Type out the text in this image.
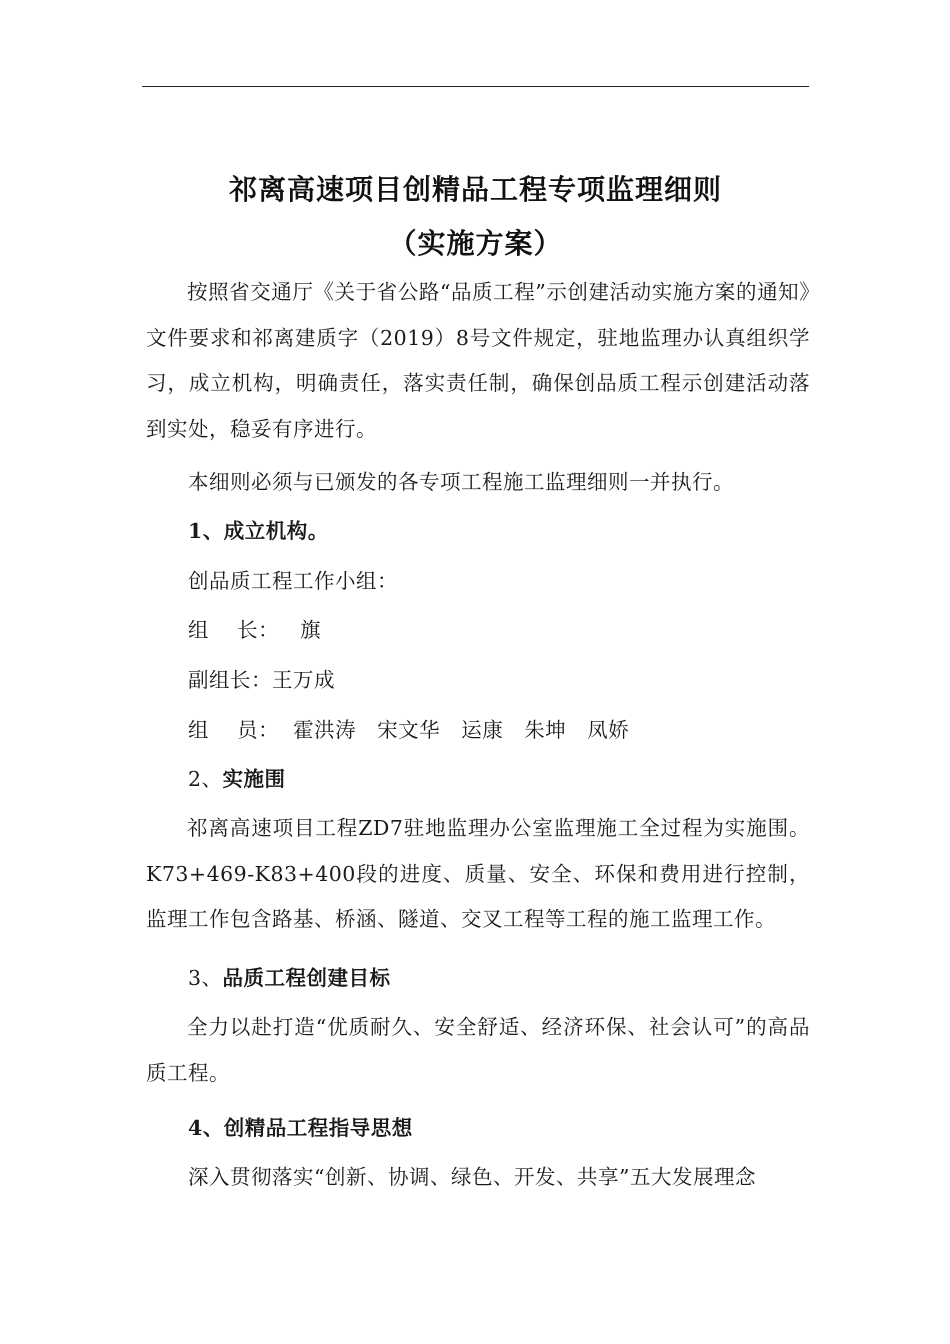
祁离高速项目创精品工程专项监理细则
（实施方案）
按照省交通厅《关于省公路“品质工程”示创建活动实施方案的通知》文件要求和祁离建质字（2019）8号文件规定，驻地监理办认真组织学习，成立机构，明确责任，落实责任制，确保创品质工程示创建活动落到实处，稳妥有序进行。
本细则必须与已颁发的各专项工程施工监理细则一并执行。
1、成立机构。
创品质工程工作小组：
组    长：   旗
副组长：王万成
组    员：  霍洪涛   宋文华   运康   朱坤   凤娇
2、实施围
祁离高速项目工程ZD7驻地监理办公室监理施工全过程为实施围。K73+469-K83+400段的进度、质量、安全、环保和费用进行控制，监理工作包含路基、桥涵、隧道、交叉工程等工程的施工监理工作。
3、品质工程创建目标
全力以赴打造“优质耐久、安全舒适、经济环保、社会认可”的高品质工程。
4、创精品工程指导思想
深入贯彻落实“创新、协调、绿色、开发、共享”五大发展理念
